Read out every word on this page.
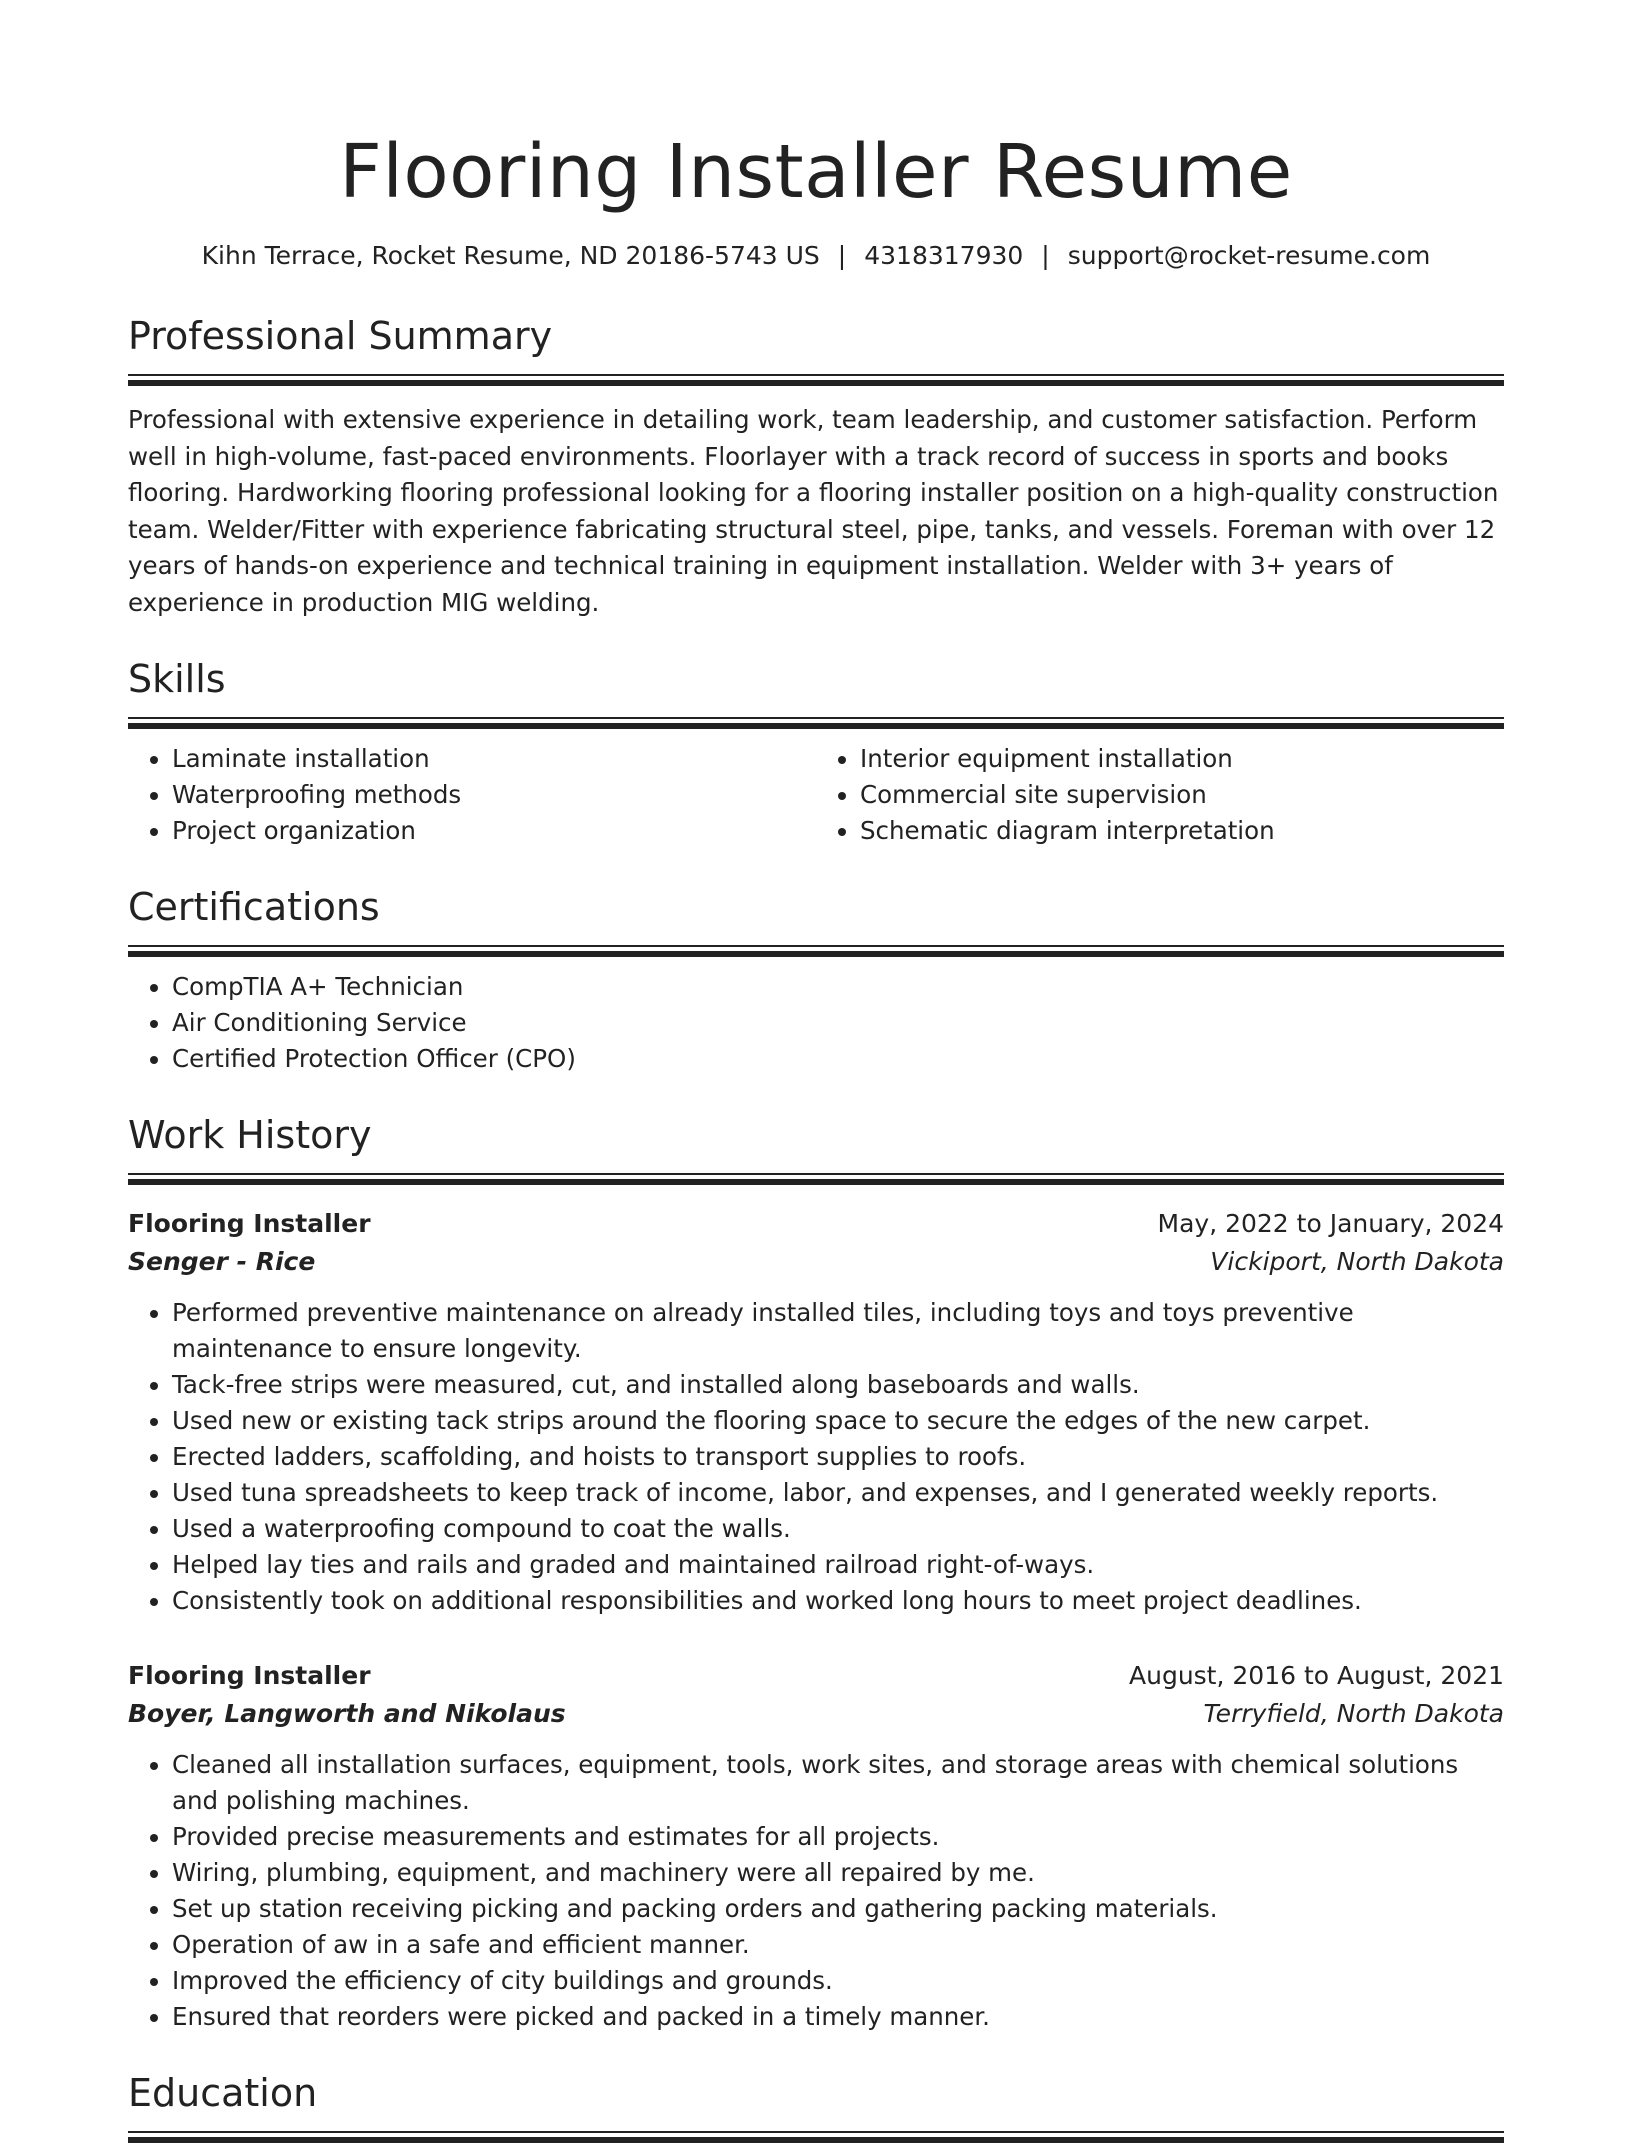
Flooring Installer Resume
Kihn Terrace, Rocket Resume, ND 20186-5743 US | 4318317930 | support@rocket-resume.com
Professional Summary
Professional with extensive experience in detailing work, team leadership, and customer satisfaction. Perform well in high-volume, fast-paced environments. Floorlayer with a track record of success in sports and books flooring. Hardworking flooring professional looking for a flooring installer position on a high-quality construction team. Welder/Fitter with experience fabricating structural steel, pipe, tanks, and vessels. Foreman with over 12 years of hands-on experience and technical training in equipment installation. Welder with 3+ years of experience in production MIG welding.
Skills
• Laminate installation
• Waterproofing methods
• Project organization
• Interior equipment installation
• Commercial site supervision
• Schematic diagram interpretation
Certifications
• CompTIA A+ Technician
• Air Conditioning Service
• Certified Protection Officer (CPO)
Work History
Flooring Installer	May, 2022 to January, 2024
Senger - Rice	Vickiport, North Dakota
• Performed preventive maintenance on already installed tiles, including toys and toys preventive maintenance to ensure longevity.
• Tack-free strips were measured, cut, and installed along baseboards and walls.
• Used new or existing tack strips around the flooring space to secure the edges of the new carpet.
• Erected ladders, scaffolding, and hoists to transport supplies to roofs.
• Used tuna spreadsheets to keep track of income, labor, and expenses, and I generated weekly reports.
• Used a waterproofing compound to coat the walls.
• Helped lay ties and rails and graded and maintained railroad right-of-ways.
• Consistently took on additional responsibilities and worked long hours to meet project deadlines.
Flooring Installer	August, 2016 to August, 2021
Boyer, Langworth and Nikolaus	Terryfield, North Dakota
• Cleaned all installation surfaces, equipment, tools, work sites, and storage areas with chemical solutions and polishing machines.
• Provided precise measurements and estimates for all projects.
• Wiring, plumbing, equipment, and machinery were all repaired by me.
• Set up station receiving picking and packing orders and gathering packing materials.
• Operation of aw in a safe and efficient manner.
• Improved the efficiency of city buildings and grounds.
• Ensured that reorders were picked and packed in a timely manner.
Education
